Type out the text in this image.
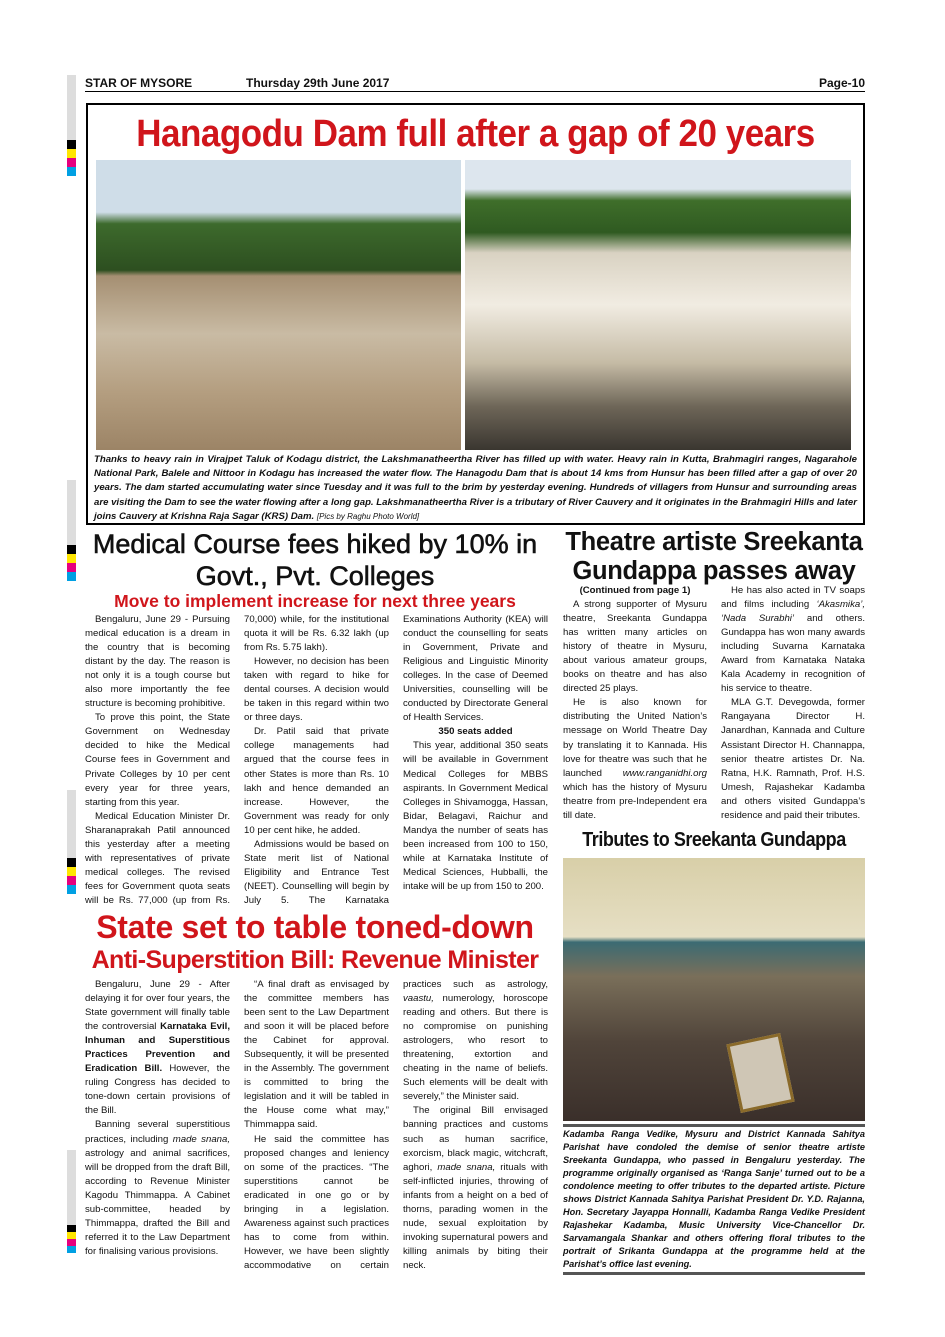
STAR OF MYSORE	Thursday 29th June 2017	Page-10
Hanagodu Dam full after a gap of 20 years
Thanks to heavy rain in Virajpet Taluk of Kodagu district, the Lakshmanatheertha River has filled up with water. Heavy rain in Kutta, Brahmagiri ranges, Nagarahole National Park, Balele and Nittoor in Kodagu has increased the water flow. The Hanagodu Dam that is about 14 kms from Hunsur has been filled after a gap of over 20 years. The dam started accumulating water since Tuesday and it was full to the brim by yesterday evening. Hundreds of villagers from Hunsur and surrounding areas are visiting the Dam to see the water flowing after a long gap. Lakshmanatheertha River is a tributary of River Cauvery and it originates in the Brahmagiri Hills and later joins Cauvery at Krishna Raja Sagar (KRS) Dam. [Pics by Raghu Photo World]
Medical Course fees hiked by 10% in Govt., Pvt. Colleges
Move to implement increase for next three years

Bengaluru, June 29 - Pursuing medical education is a dream in the country that is becoming distant by the day. The reason is not only it is a tough course but also more importantly the fee structure is becoming prohibitive.

To prove this point, the State Government on Wednesday decided to hike the Medical Course fees in Government and Private Colleges by 10 per cent every year for three years, starting from this year.

Medical Education Minister Dr. Sharanaprakah Patil announced this yesterday after a meeting with representatives of private medical colleges. The revised fees for Government quota seats will be Rs. 77,000 (up from Rs. 70,000) while, for the institutional quota it will be Rs. 6.32 lakh (up from Rs. 5.75 lakh).

However, no decision has been taken with regard to hike for dental courses. A decision would be taken in this regard within two or three days.

Dr. Patil said that private college managements had argued that the course fees in other States is more than Rs. 10 lakh and hence demanded an increase. However, the Government was ready for only 10 per cent hike, he added.

Admissions would be based on State merit list of National Eligibility and Entrance Test (NEET). Counselling will begin by July 5. The Karnataka Examinations Authority (KEA) will conduct the counselling for seats in Government, Private and Religious and Linguistic Minority colleges. In the case of Deemed Universities, counselling will be conducted by Directorate General of Health Services.

350 seats added

This year, additional 350 seats will be available in Government Medical Colleges for MBBS aspirants. In Government Medical Colleges in Shivamogga, Hassan, Bidar, Belagavi, Raichur and Mandya the number of seats has been increased from 100 to 150, while at Karnataka Institute of Medical Sciences, Hubballi, the intake will be up from 150 to 200.

State set to table toned-down
Anti-Superstition Bill: Revenue Minister

Bengaluru, June 29 - After delaying it for over four years, the State government will finally table the controversial Karnataka Evil, Inhuman and Superstitious Practices Prevention and Eradication Bill. However, the ruling Congress has decided to tone-down certain provisions of the Bill.

Banning several superstitious practices, including made snana, astrology and animal sacrifices, will be dropped from the draft Bill, according to Revenue Minister Kagodu Thimmappa. A Cabinet sub-committee, headed by Thimmappa, drafted the Bill and referred it to the Law Department for finalising various provisions.

“A final draft as envisaged by the committee members has been sent to the Law Department and soon it will be placed before the Cabinet for approval. Subsequently, it will be presented in the Assembly. The government is committed to bring the legislation and it will be tabled in the House come what may,” Thimmappa said.

He said the committee has proposed changes and leniency on some of the practices. “The superstitions cannot be eradicated in one go or by bringing in a legislation. Awareness against such practices has to come from within. However, we have been slightly accommodative on certain practices such as astrology, vaastu, numerology, horoscope reading and others. But there is no compromise on punishing astrologers, who resort to threatening, extortion and cheating in the name of beliefs. Such elements will be dealt with severely,” the Minister said.

The original Bill envisaged banning practices and customs such as human sacrifice, exorcism, black magic, witchcraft, aghori, made snana, rituals with self-inflicted injuries, throwing of infants from a height on a bed of thorns, parading women in the nude, sexual exploitation by invoking supernatural powers and killing animals by biting their neck.

Theatre artiste Sreekanta Gundappa passes away

(Continued from page 1)

A strong supporter of Mysuru theatre, Sreekanta Gundappa has written many articles on history of theatre in Mysuru, about various amateur groups, books on theatre and has also directed 25 plays.

He is also known for distributing the United Nation’s message on World Theatre Day by translating it to Kannada. His love for theatre was such that he launched www.ranganidhi.org which has the history of Mysuru theatre from pre-Independent era till date.

He has also acted in TV soaps and films including ‘Akasmika’, ‘Nada Surabhi’ and others. Gundappa has won many awards including Suvarna Karnataka Award from Karnataka Nataka Kala Academy in recognition of his service to theatre.

MLA G.T. Devegowda, former Rangayana Director H. Janardhan, Kannada and Culture Assistant Director H. Channappa, senior theatre artistes Dr. Na. Ratna, H.K. Ramnath, Prof. H.S. Umesh, Rajashekar Kadamba and others visited Gundappa’s residence and paid their tributes.

Tributes to Sreekanta Gundappa
Kadamba Ranga Vedike, Mysuru and District Kannada Sahitya Parishat have condoled the demise of senior theatre artiste Sreekanta Gundappa, who passed in Bengaluru yesterday. The programme originally organised as ‘Ranga Sanje’ turned out to be a condolence meeting to offer tributes to the departed artiste. Picture shows District Kannada Sahitya Parishat President Dr. Y.D. Rajanna, Hon. Secretary Jayappa Honnalli, Kadamba Ranga Vedike President Rajashekar Kadamba, Music University Vice-Chancellor Dr. Sarvamangala Shankar and others offering floral tributes to the portrait of Srikanta Gundappa at the programme held at the Parishat’s office last evening.
